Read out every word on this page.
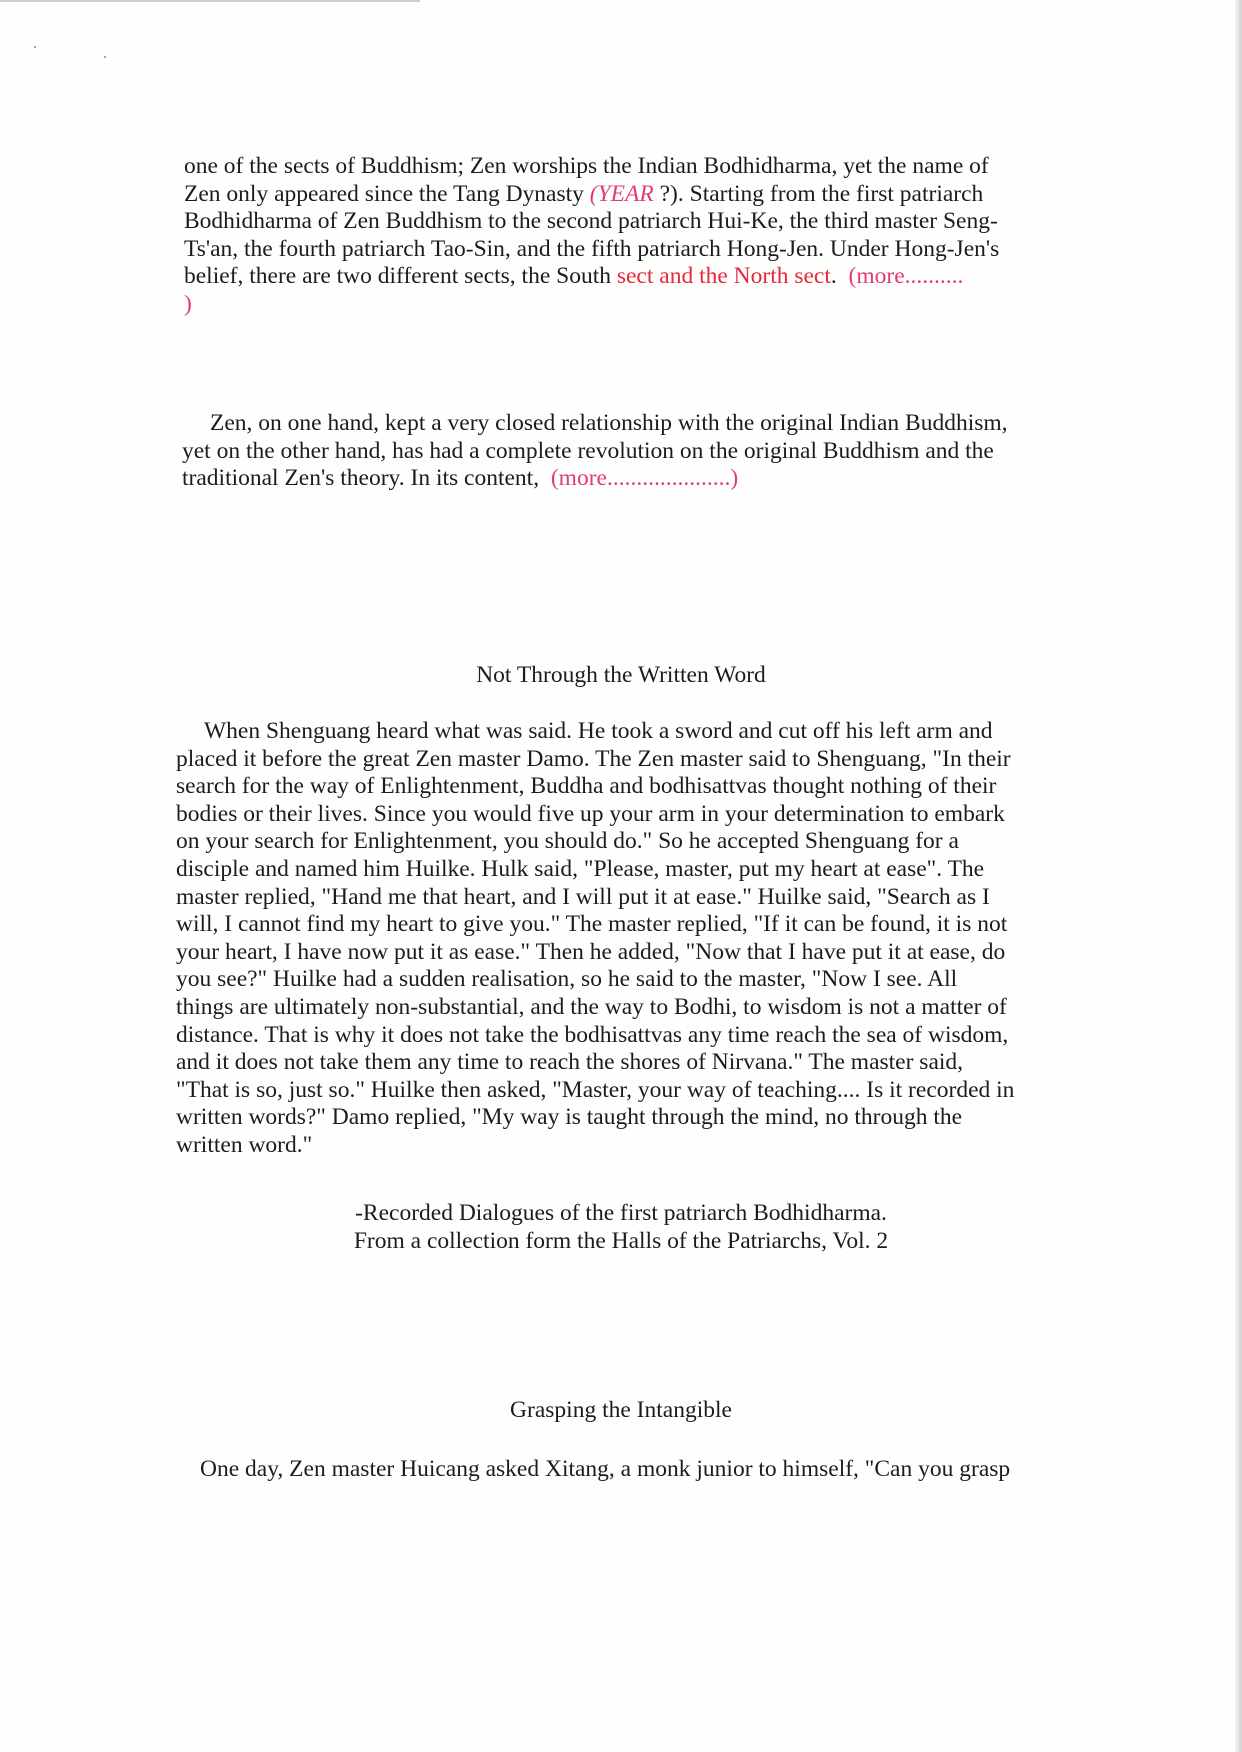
one of the sects of Buddhism; Zen worships the Indian Bodhidharma, yet the name of
Zen only appeared since the Tang Dynasty (YEAR ?). Starting from the first patriarch
Bodhidharma of Zen Buddhism to the second patriarch Hui-Ke, the third master Seng-
Ts'an, the fourth patriarch Tao-Sin, and the fifth patriarch Hong-Jen. Under Hong-Jen's
belief, there are two different sects, the South sect and the North sect. (more..........
)
Zen, on one hand, kept a very closed relationship with the original Indian Buddhism,
yet on the other hand, has had a complete revolution on the original Buddhism and the
traditional Zen's theory. In its content, (more.....................)
Not Through the Written Word
When Shenguang heard what was said. He took a sword and cut off his left arm and
placed it before the great Zen master Damo. The Zen master said to Shenguang, "In their
search for the way of Enlightenment, Buddha and bodhisattvas thought nothing of their
bodies or their lives. Since you would five up your arm in your determination to embark
on your search for Enlightenment, you should do." So he accepted Shenguang for a
disciple and named him Huilke. Hulk said, "Please, master, put my heart at ease". The
master replied, "Hand me that heart, and I will put it at ease." Huilke said, "Search as I
will, I cannot find my heart to give you." The master replied, "If it can be found, it is not
your heart, I have now put it as ease." Then he added, "Now that I have put it at ease, do
you see?" Huilke had a sudden realisation, so he said to the master, "Now I see. All
things are ultimately non-substantial, and the way to Bodhi, to wisdom is not a matter of
distance. That is why it does not take the bodhisattvas any time reach the sea of wisdom,
and it does not take them any time to reach the shores of Nirvana." The master said,
"That is so, just so." Huilke then asked, "Master, your way of teaching.... Is it recorded in
written words?" Damo replied, "My way is taught through the mind, no through the
written word."
-Recorded Dialogues of the first patriarch Bodhidharma.
From a collection form the Halls of the Patriarchs, Vol. 2
Grasping the Intangible
One day, Zen master Huicang asked Xitang, a monk junior to himself, "Can you grasp
